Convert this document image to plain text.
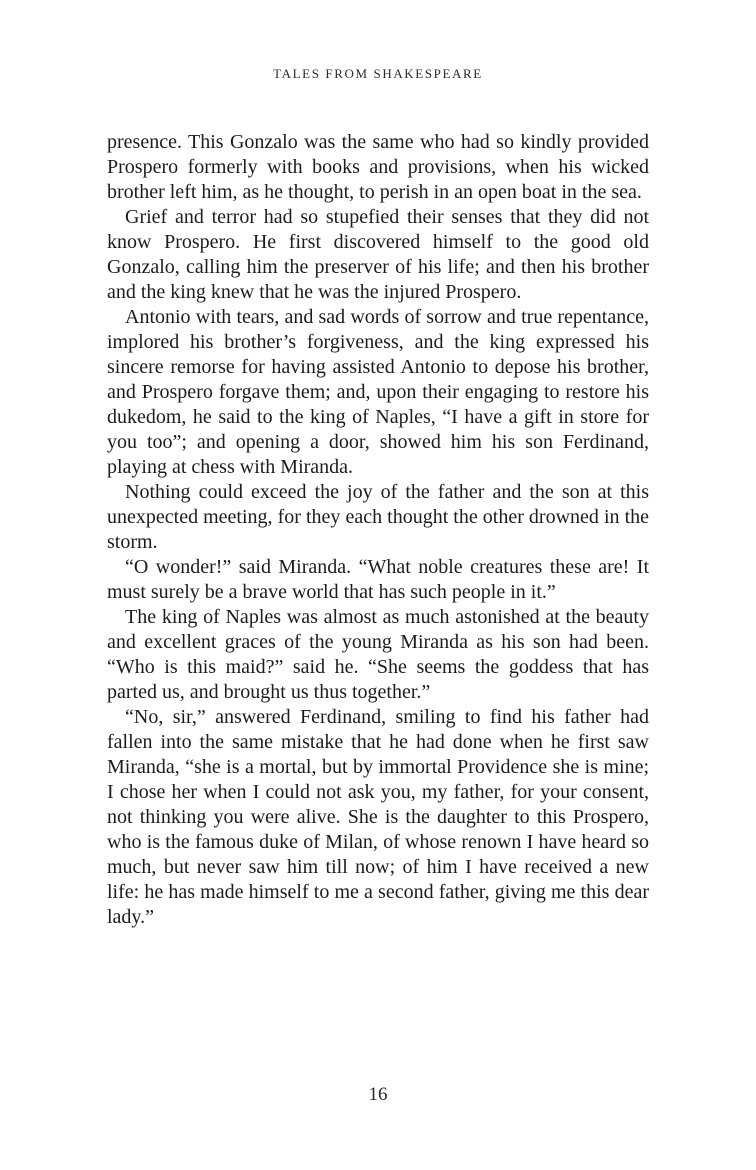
TALES FROM SHAKESPEARE

presence. This Gonzalo was the same who had so kindly provided Prospero formerly with books and provisions, when his wicked brother left him, as he thought, to perish in an open boat in the sea.

Grief and terror had so stupefied their senses that they did not know Prospero. He first discovered himself to the good old Gonzalo, calling him the preserver of his life; and then his brother and the king knew that he was the injured Prospero.

Antonio with tears, and sad words of sorrow and true repentance, implored his brother’s forgiveness, and the king expressed his sincere remorse for having assisted Antonio to depose his brother, and Prospero forgave them; and, upon their engaging to restore his dukedom, he said to the king of Naples, “I have a gift in store for you too”; and opening a door, showed him his son Ferdinand, playing at chess with Miranda.

Nothing could exceed the joy of the father and the son at this unexpected meeting, for they each thought the other drowned in the storm.

“O wonder!” said Miranda. “What noble creatures these are! It must surely be a brave world that has such people in it.”

The king of Naples was almost as much astonished at the beauty and excellent graces of the young Miranda as his son had been. “Who is this maid?” said he. “She seems the goddess that has parted us, and brought us thus together.”

“No, sir,” answered Ferdinand, smiling to find his father had fallen into the same mistake that he had done when he first saw Miranda, “she is a mortal, but by immortal Providence she is mine; I chose her when I could not ask you, my father, for your consent, not thinking you were alive. She is the daughter to this Prospero, who is the famous duke of Milan, of whose renown I have heard so much, but never saw him till now; of him I have received a new life: he has made himself to me a second father, giving me this dear lady.”

16
